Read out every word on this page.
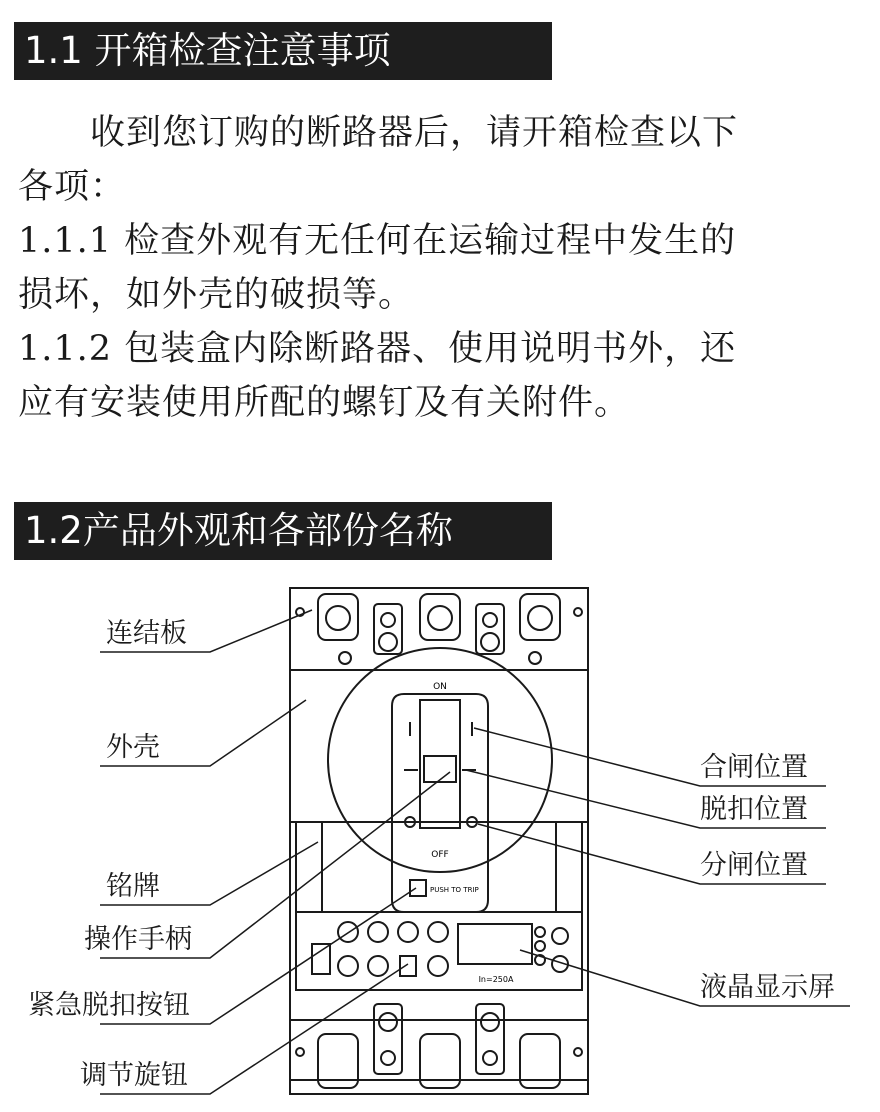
1.1 开箱检查注意事项
　　收到您订购的断路器后，请开箱检查以下
各项：
1.1.1 检查外观有无任何在运输过程中发生的
损坏，如外壳的破损等。
1.1.2 包装盒内除断路器、使用说明书外，还
应有安装使用所配的螺钉及有关附件。
1.2产品外观和各部份名称
ON
OFF
PUSH TO TRIP
In=250A
连结板
外壳
铭牌
操作手柄
紧急脱扣按钮
调节旋钮
合闸位置
脱扣位置
分闸位置
液晶显示屏
